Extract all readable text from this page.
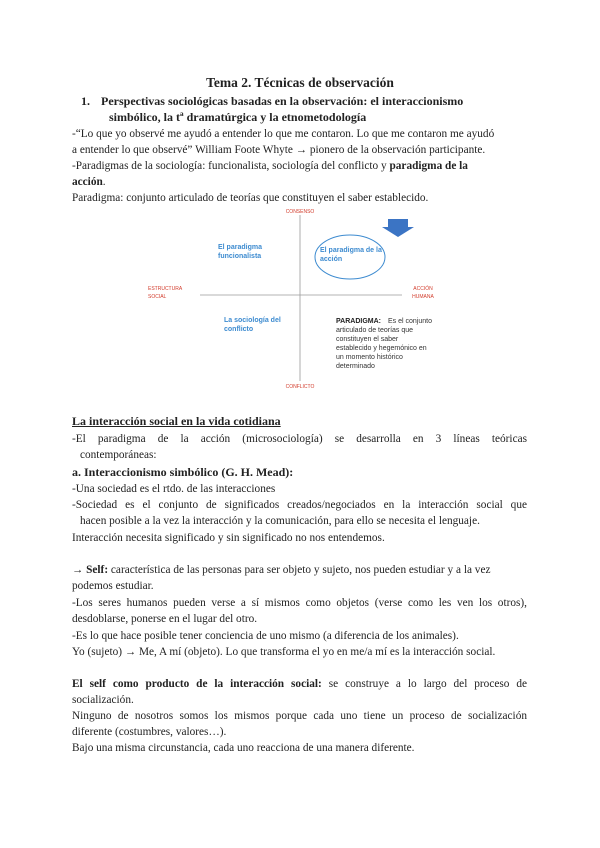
Tema 2. Técnicas de observación
1. Perspectivas sociológicas basadas en la observación: el interaccionismo
simbólico, la tª dramatúrgica y la etnometodología
-“Lo que yo observé me ayudó a entender lo que me contaron. Lo que me contaron me ayudó
a entender lo que observé” William Foote Whyte → pionero de la observación participante.
-Paradigmas de la sociología: funcionalista, sociología del conflicto y paradigma de la
acción.
Paradigma: conjunto articulado de teorías que constituyen el saber establecido.
CONSENSO
CONFLICTO
ESTRUCTURA
SOCIAL
ACCIÓN
HUMANA
El paradigma
funcionalista
El paradigma de la
acción
La sociología del
conflicto
PARADIGMA: Es el conjunto
articulado de teorías que
constituyen el saber
establecido y hegemónico en
un momento histórico
determinado
La interacción social en la vida cotidiana
-El paradigma de la acción (microsociología) se desarrolla en 3 líneas teóricas
contemporáneas:
a. Interaccionismo simbólico (G. H. Mead):
-Una sociedad es el rtdo. de las interacciones
-Sociedad es el conjunto de significados creados/negociados en la interacción social que
hacen posible a la vez la interacción y la comunicación, para ello se necesita el lenguaje.
Interacción necesita significado y sin significado no nos entendemos.
→ Self: característica de las personas para ser objeto y sujeto, nos pueden estudiar y a la vez
podemos estudiar.
-Los seres humanos pueden verse a sí mismos como objetos (verse como les ven los otros),
desdoblarse, ponerse en el lugar del otro.
-Es lo que hace posible tener conciencia de uno mismo (a diferencia de los animales).
Yo (sujeto) → Me, A mí (objeto). Lo que transforma el yo en me/a mí es la interacción social.
El self como producto de la interacción social: se construye a lo largo del proceso de
socialización.
Ninguno de nosotros somos los mismos porque cada uno tiene un proceso de socialización
diferente (costumbres, valores…).
Bajo una misma circunstancia, cada uno reacciona de una manera diferente.
